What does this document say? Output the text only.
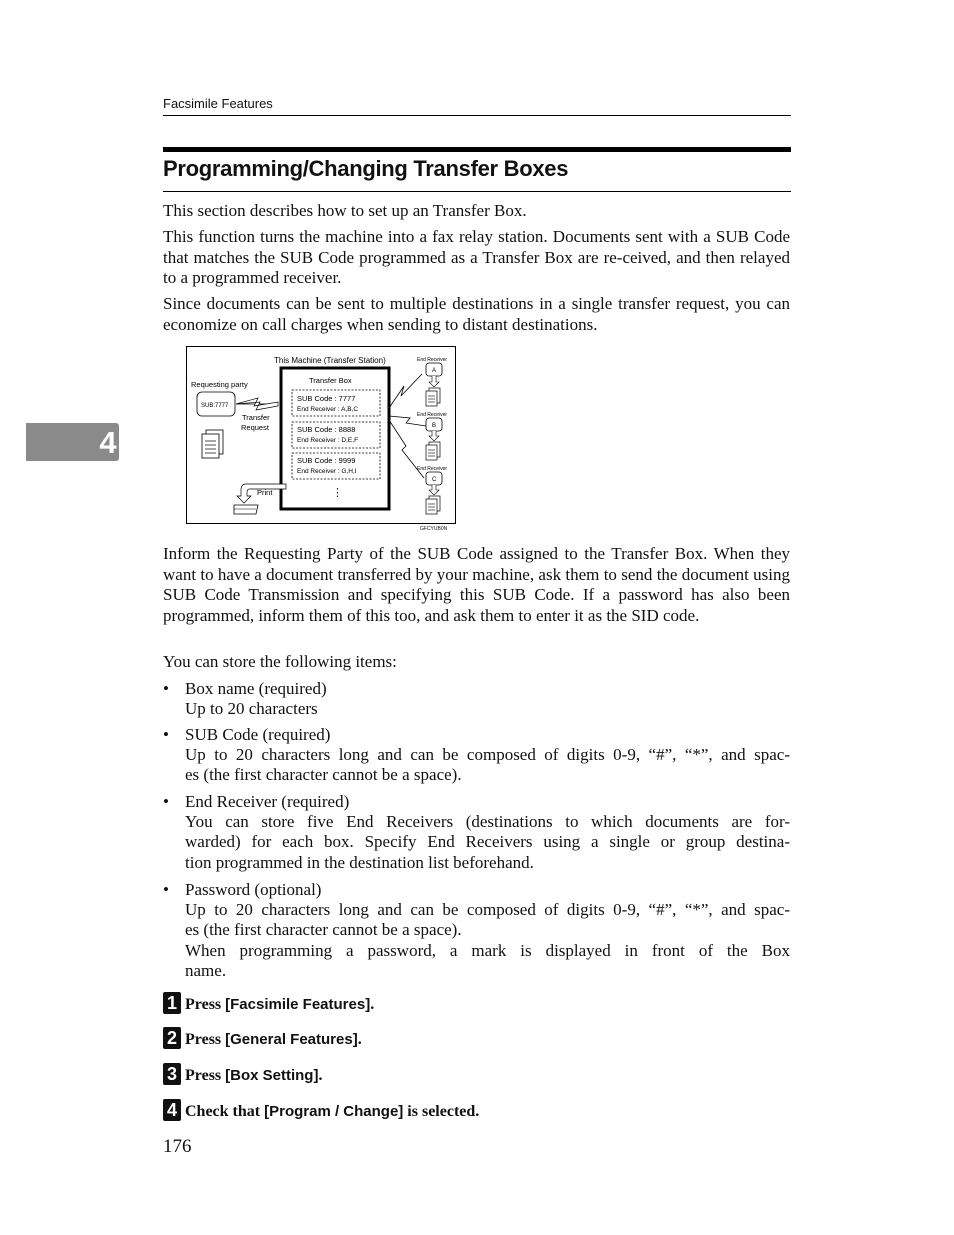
Facsimile Features
Programming/Changing Transfer Boxes

This section describes how to set up an Transfer Box.

This function turns the machine into a fax relay station. Documents sent with a SUB Code that matches the SUB Code programmed as a Transfer Box are re-ceived, and then relayed to a programmed receiver.

Since documents can be sent to multiple destinations in a single transfer request, you can economize on call charges when sending to distant destinations.

4
This Machine (Transfer Station)
Transfer Box
SUB Code : 7777
End Receiver : A,B,C
SUB Code : 8888
End Receiver : D,E,F
SUB Code : 9999
End Receiver : G,H,I
⋮
Requesting party
SUB:7777
Transfer
Request
Print
End Receiver
A
End Receiver
B
End Receiver
C
GFCYUB0N

Inform the Requesting Party of the SUB Code assigned to the Transfer Box. When they want to have a document transferred by your machine, ask them to send the document using SUB Code Transmission and specifying this SUB Code. If a password has also been programmed, inform them of this too, and ask them to enter it as the SID code.

You can store the following items:

• Box name (required)
Up to 20 characters
• SUB Code (required)
Up to 20 characters long and can be composed of digits 0-9, “#”, “*”, and spac-
es (the first character cannot be a space).
• End Receiver (required)
You can store five End Receivers (destinations to which documents are for-
warded) for each box. Specify End Receivers using a single or group destina-
tion programmed in the destination list beforehand.
• Password (optional)
Up to 20 characters long and can be composed of digits 0-9, “#”, “*”, and spac-
es (the first character cannot be a space).
When programming a password, a mark is displayed in front of the Box
name.
1 Press [Facsimile Features].
2 Press [General Features].
3 Press [Box Setting].
4 Check that [Program / Change] is selected.
176
